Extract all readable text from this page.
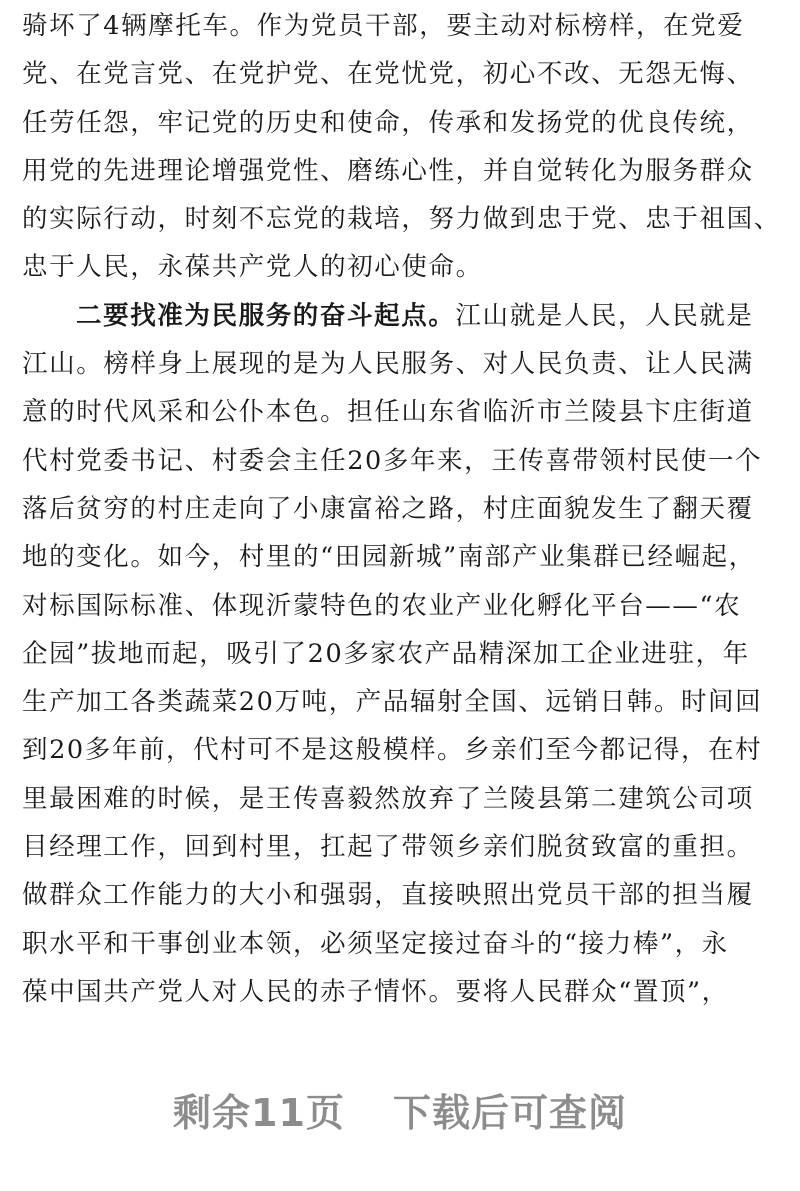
骑坏了4辆摩托车。作为党员干部，要主动对标榜样，在党爱
党、在党言党、在党护党、在党忧党，初心不改、无怨无悔、
任劳任怨，牢记党的历史和使命，传承和发扬党的优良传统，
用党的先进理论增强党性、磨练心性，并自觉转化为服务群众
的实际行动，时刻不忘党的栽培，努力做到忠于党、忠于祖国、
忠于人民，永葆共产党人的初心使命。
二要找准为民服务的奋斗起点。江山就是人民，人民就是
江山。榜样身上展现的是为人民服务、对人民负责、让人民满
意的时代风采和公仆本色。担任山东省临沂市兰陵县卞庄街道
代村党委书记、村委会主任20多年来，王传喜带领村民使一个
落后贫穷的村庄走向了小康富裕之路，村庄面貌发生了翻天覆
地的变化。如今，村里的“田园新城”南部产业集群已经崛起，
对标国际标准、体现沂蒙特色的农业产业化孵化平台——“农
企园”拔地而起，吸引了20多家农产品精深加工企业进驻，年
生产加工各类蔬菜20万吨，产品辐射全国、远销日韩。时间回
到20多年前，代村可不是这般模样。乡亲们至今都记得，在村
里最困难的时候，是王传喜毅然放弃了兰陵县第二建筑公司项
目经理工作，回到村里，扛起了带领乡亲们脱贫致富的重担。
做群众工作能力的大小和强弱，直接映照出党员干部的担当履
职水平和干事创业本领，必须坚定接过奋斗的“接力棒”，永
葆中国共产党人对人民的赤子情怀。要将人民群众“置顶”，
剩余11页 下载后可查阅
